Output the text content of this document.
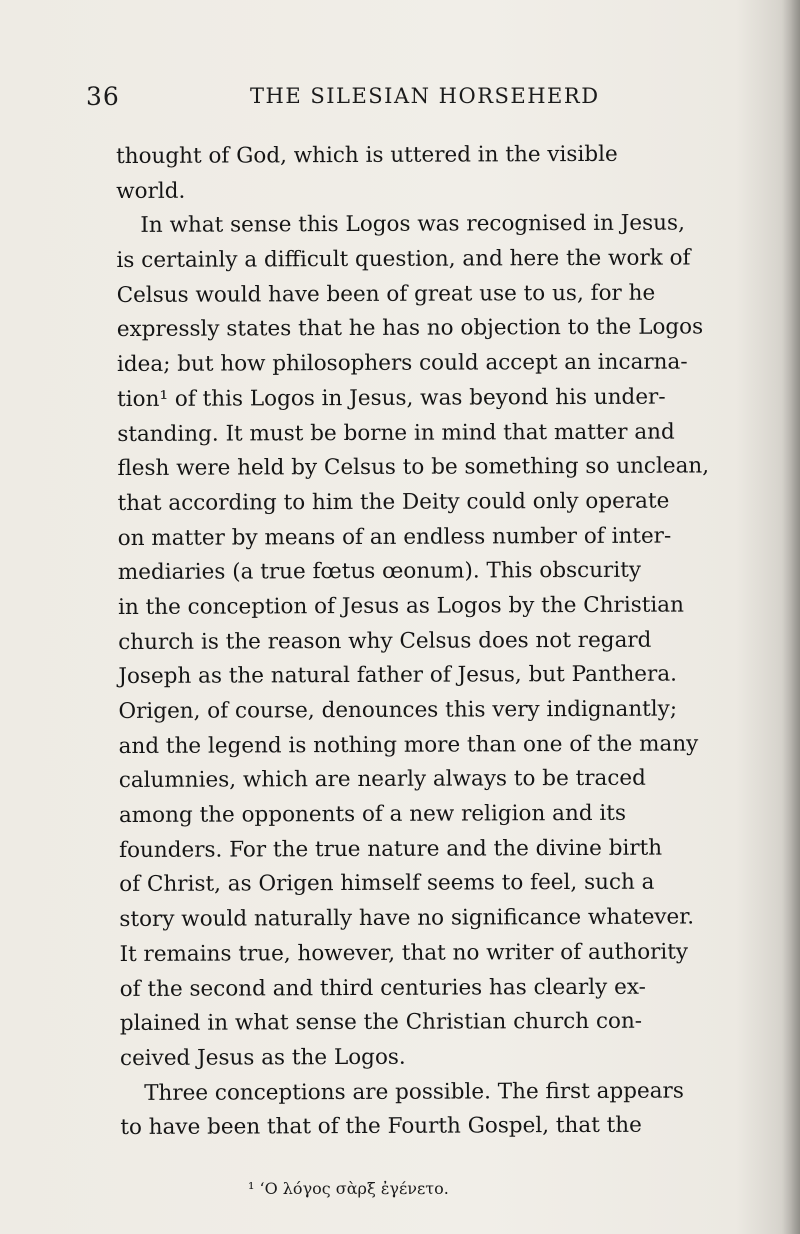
36	THE SILESIAN HORSEHERD
thought of God, which is uttered in the visible
world.
In what sense this Logos was recognised in Jesus,
is certainly a difficult question, and here the work of
Celsus would have been of great use to us, for he
expressly states that he has no objection to the Logos
idea; but how philosophers could accept an incarna-
tion¹ of this Logos in Jesus, was beyond his under-
standing. It must be borne in mind that matter and
flesh were held by Celsus to be something so unclean,
that according to him the Deity could only operate
on matter by means of an endless number of inter-
mediaries (a true fœtus œonum). This obscurity
in the conception of Jesus as Logos by the Christian
church is the reason why Celsus does not regard
Joseph as the natural father of Jesus, but Panthera.
Origen, of course, denounces this very indignantly;
and the legend is nothing more than one of the many
calumnies, which are nearly always to be traced
among the opponents of a new religion and its
founders. For the true nature and the divine birth
of Christ, as Origen himself seems to feel, such a
story would naturally have no significance whatever.
It remains true, however, that no writer of authority
of the second and third centuries has clearly ex-
plained in what sense the Christian church con-
ceived Jesus as the Logos.
Three conceptions are possible. The first appears
to have been that of the Fourth Gospel, that the
¹ ʻΟ λόγος σὰρξ ἐγένετο.
